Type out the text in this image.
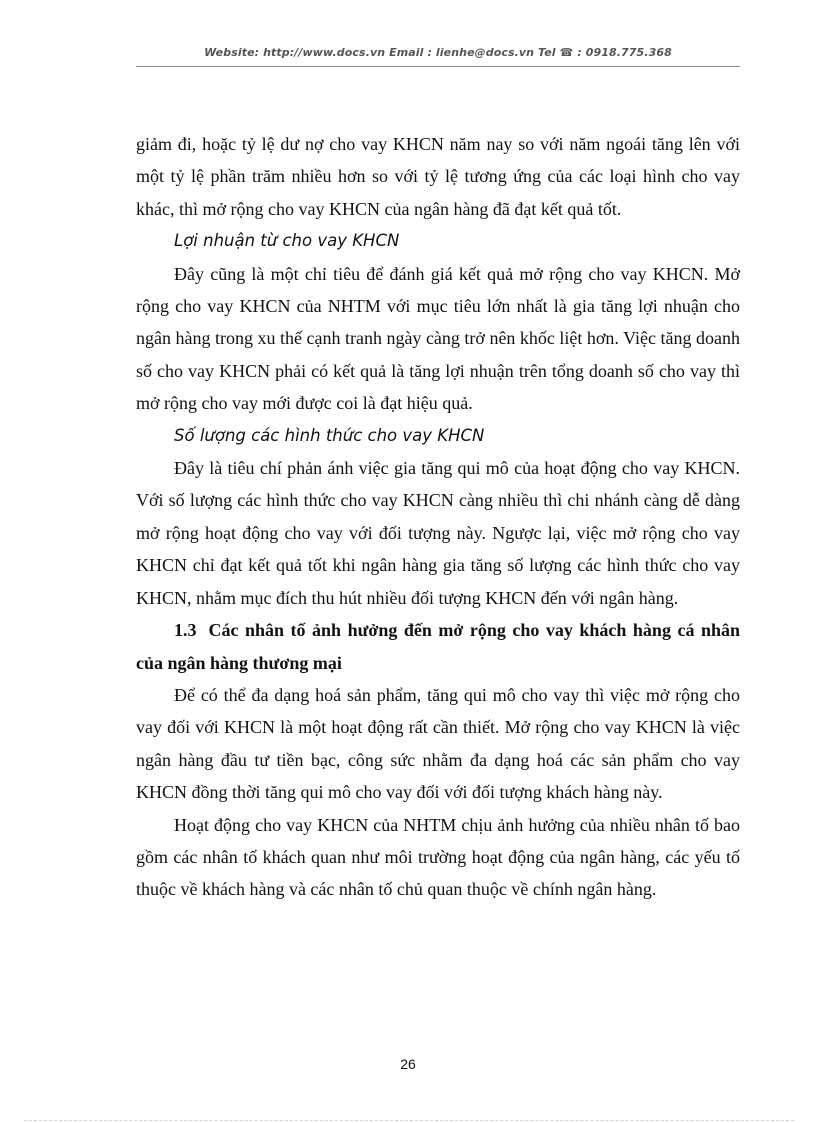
Website: http://www.docs.vn Email : lienhe@docs.vn Tel ☎ : 0918.775.368

giảm đi, hoặc tỷ lệ dư nợ cho vay KHCN năm nay so với năm ngoái tăng lên với một tỷ lệ phần trăm nhiều hơn so với tỷ lệ tương ứng của các loại hình cho vay khác, thì mở rộng cho vay KHCN của ngân hàng đã đạt kết quả tốt.

Lợi nhuận từ cho vay KHCN

Đây cũng là một chỉ tiêu để đánh giá kết quả mở rộng cho vay KHCN. Mở rộng cho vay KHCN của NHTM với mục tiêu lớn nhất là gia tăng lợi nhuận cho ngân hàng trong xu thế cạnh tranh ngày càng trở nên khốc liệt hơn. Việc tăng doanh số cho vay KHCN phải có kết quả là tăng lợi nhuận trên tổng doanh số cho vay thì mở rộng cho vay mới được coi là đạt hiệu quả.

Số lượng các hình thức cho vay KHCN

Đây là tiêu chí phản ánh việc gia tăng qui mô của hoạt động cho vay KHCN. Với số lượng các hình thức cho vay KHCN càng nhiều thì chi nhánh càng dễ dàng mở rộng hoạt động cho vay với đối tượng này. Ngược lại, việc mở rộng cho vay KHCN chỉ đạt kết quả tốt khi ngân hàng gia tăng số lượng các hình thức cho vay KHCN, nhằm mục đích thu hút nhiều đối tượng KHCN đến với ngân hàng.

1.3 Các nhân tố ảnh hưởng đến mở rộng cho vay khách hàng cá nhân của ngân hàng thương mại

Để có thể đa dạng hoá sản phẩm, tăng qui mô cho vay thì việc mở rộng cho vay đối với KHCN là một hoạt động rất cần thiết. Mở rộng cho vay KHCN là việc ngân hàng đầu tư tiền bạc, công sức nhằm đa dạng hoá các sản phẩm cho vay KHCN đồng thời tăng qui mô cho vay đối với đối tượng khách hàng này.

Hoạt động cho vay KHCN của NHTM chịu ảnh hưởng của nhiều nhân tố bao gồm các nhân tố khách quan như môi trường hoạt động của ngân hàng, các yếu tố thuộc về khách hàng và các nhân tố chủ quan thuộc về chính ngân hàng.

26
